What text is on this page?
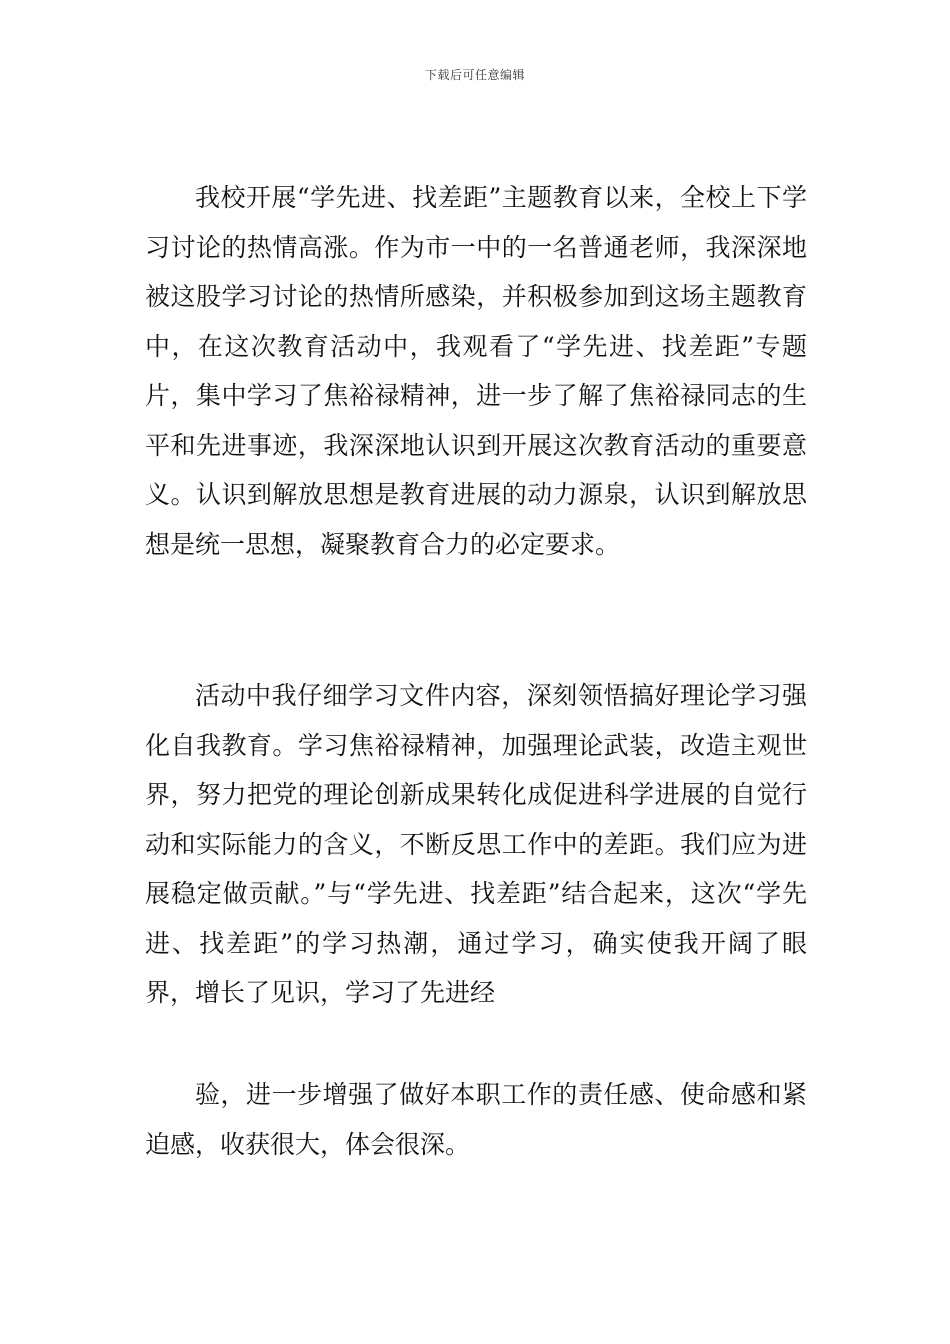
下载后可任意编辑

我校开展“学先进、找差距”主题教育以来，全校上下学习讨论的热情高涨。作为市一中的一名普通老师，我深深地被这股学习讨论的热情所感染，并积极参加到这场主题教育中，在这次教育活动中，我观看了“学先进、找差距”专题片，集中学习了焦裕禄精神，进一步了解了焦裕禄同志的生平和先进事迹，我深深地认识到开展这次教育活动的重要意义。认识到解放思想是教育进展的动力源泉，认识到解放思想是统一思想，凝聚教育合力的必定要求。

活动中我仔细学习文件内容，深刻领悟搞好理论学习强化自我教育。学习焦裕禄精神，加强理论武装，改造主观世界，努力把党的理论创新成果转化成促进科学进展的自觉行动和实际能力的含义，不断反思工作中的差距。我们应为进展稳定做贡献。”与“学先进、找差距”结合起来，这次“学先进、找差距”的学习热潮，通过学习，确实使我开阔了眼界，增长了见识，学习了先进经

验，进一步增强了做好本职工作的责任感、使命感和紧迫感，收获很大，体会很深。
